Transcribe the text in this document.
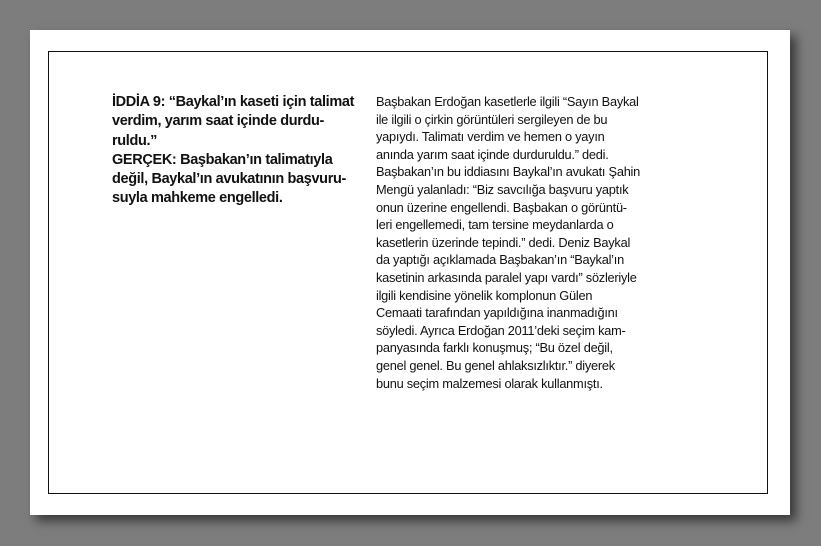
İDDİA 9: “Baykal’ın kaseti için talimat
verdim, yarım saat içinde durdu-
ruldu.”

GERÇEK: Başbakan’ın talimatıyla
değil, Baykal’ın avukatının başvuru-
suyla mahkeme engelledi.

Başbakan Erdoğan kasetlerle ilgili “Sayın Baykal
ile ilgili o çirkin görüntüleri sergileyen de bu
yapıydı. Talimatı verdim ve hemen o yayın
anında yarım saat içinde durduruldu.” dedi.
Başbakan’ın bu iddiasını Baykal’ın avukatı Şahin
Mengü yalanladı: “Biz savcılığa başvuru yaptık
onun üzerine engellendi. Başbakan o görüntü-
leri engellemedi, tam tersine meydanlarda o
kasetlerin üzerinde tepindi.” dedi. Deniz Baykal
da yaptığı açıklamada Başbakan’ın “Baykal’ın
kasetinin arkasında paralel yapı vardı” sözleriyle
ilgili kendisine yönelik komplonun Gülen
Cemaati tarafından yapıldığına inanmadığını
söyledi. Ayrıca Erdoğan 2011’deki seçim kam-
panyasında farklı konuşmuş; “Bu özel değil,
genel genel. Bu genel ahlaksızlıktır.” diyerek
bunu seçim malzemesi olarak kullanmıştı.
